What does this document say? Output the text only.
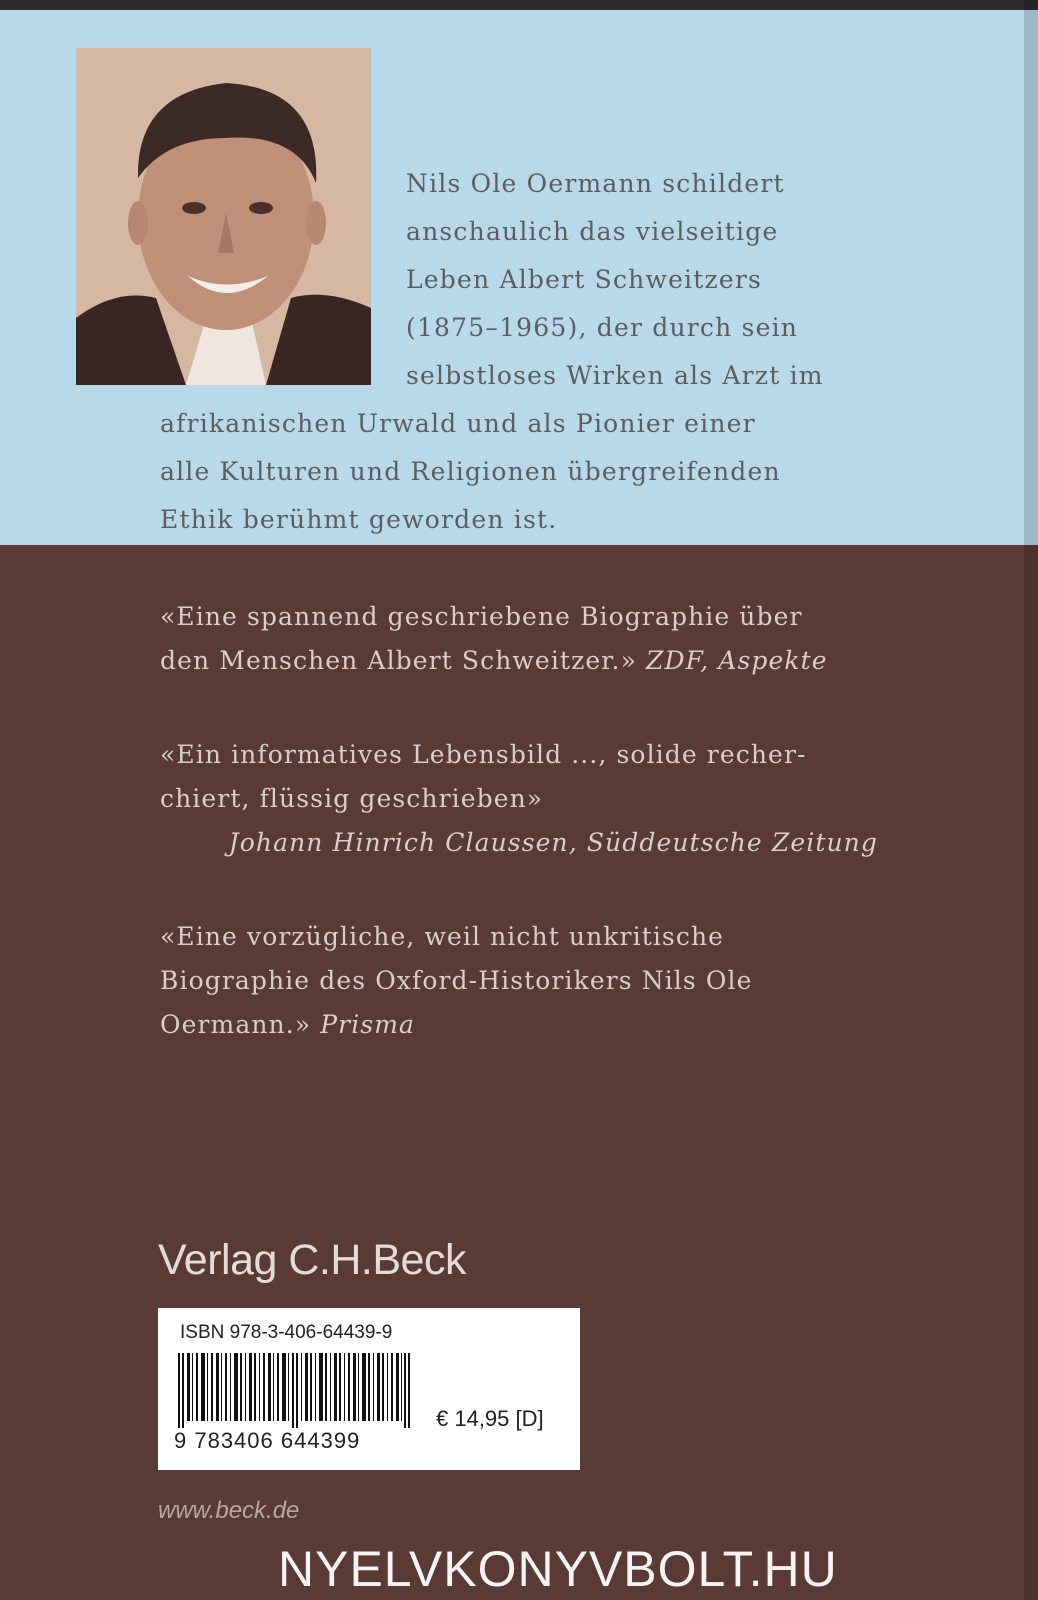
Nils Ole Oermann schildert
anschaulich das vielseitige
Leben Albert Schweitzers
(1875–1965), der durch sein
selbstloses Wirken als Arzt im
afrikanischen Urwald und als Pionier einer
alle Kulturen und Religionen übergreifenden
Ethik berühmt geworden ist.
«Eine spannend geschriebene Biographie über
den Menschen Albert Schweitzer.» ZDF, Aspekte
«Ein informatives Lebensbild ..., solide recher-
chiert, flüssig geschrieben»
Johann Hinrich Claussen, Süddeutsche Zeitung
«Eine vorzügliche, weil nicht unkritische
Biographie des Oxford-Historikers Nils Ole
Oermann.» Prisma
Verlag C.H.Beck
ISBN 978-3-406-64439-9
9 783406 644399
€ 14,95 [D]
www.beck.de
NYELVKONYVBOLT.HU
